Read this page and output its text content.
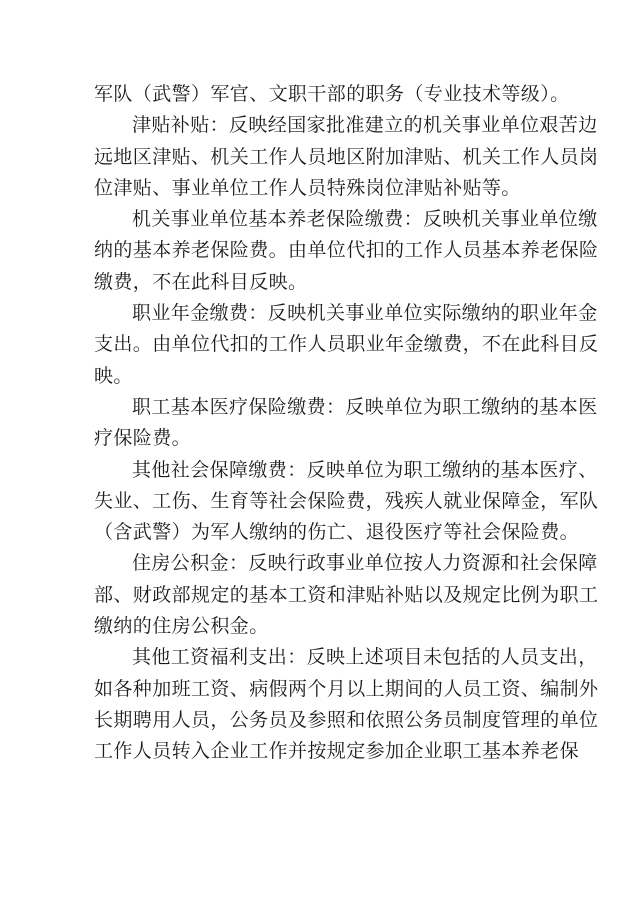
军队（武警）军官、文职干部的职务（专业技术等级）。
津贴补贴：反映经国家批准建立的机关事业单位艰苦边
远地区津贴、机关工作人员地区附加津贴、机关工作人员岗
位津贴、事业单位工作人员特殊岗位津贴补贴等。
机关事业单位基本养老保险缴费：反映机关事业单位缴
纳的基本养老保险费。由单位代扣的工作人员基本养老保险
缴费，不在此科目反映。
职业年金缴费：反映机关事业单位实际缴纳的职业年金
支出。由单位代扣的工作人员职业年金缴费，不在此科目反
映。
职工基本医疗保险缴费：反映单位为职工缴纳的基本医
疗保险费。
其他社会保障缴费：反映单位为职工缴纳的基本医疗、
失业、工伤、生育等社会保险费，残疾人就业保障金，军队
（含武警）为军人缴纳的伤亡、退役医疗等社会保险费。
住房公积金：反映行政事业单位按人力资源和社会保障
部、财政部规定的基本工资和津贴补贴以及规定比例为职工
缴纳的住房公积金。
其他工资福利支出：反映上述项目未包括的人员支出，
如各种加班工资、病假两个月以上期间的人员工资、编制外
长期聘用人员，公务员及参照和依照公务员制度管理的单位
工作人员转入企业工作并按规定参加企业职工基本养老保
